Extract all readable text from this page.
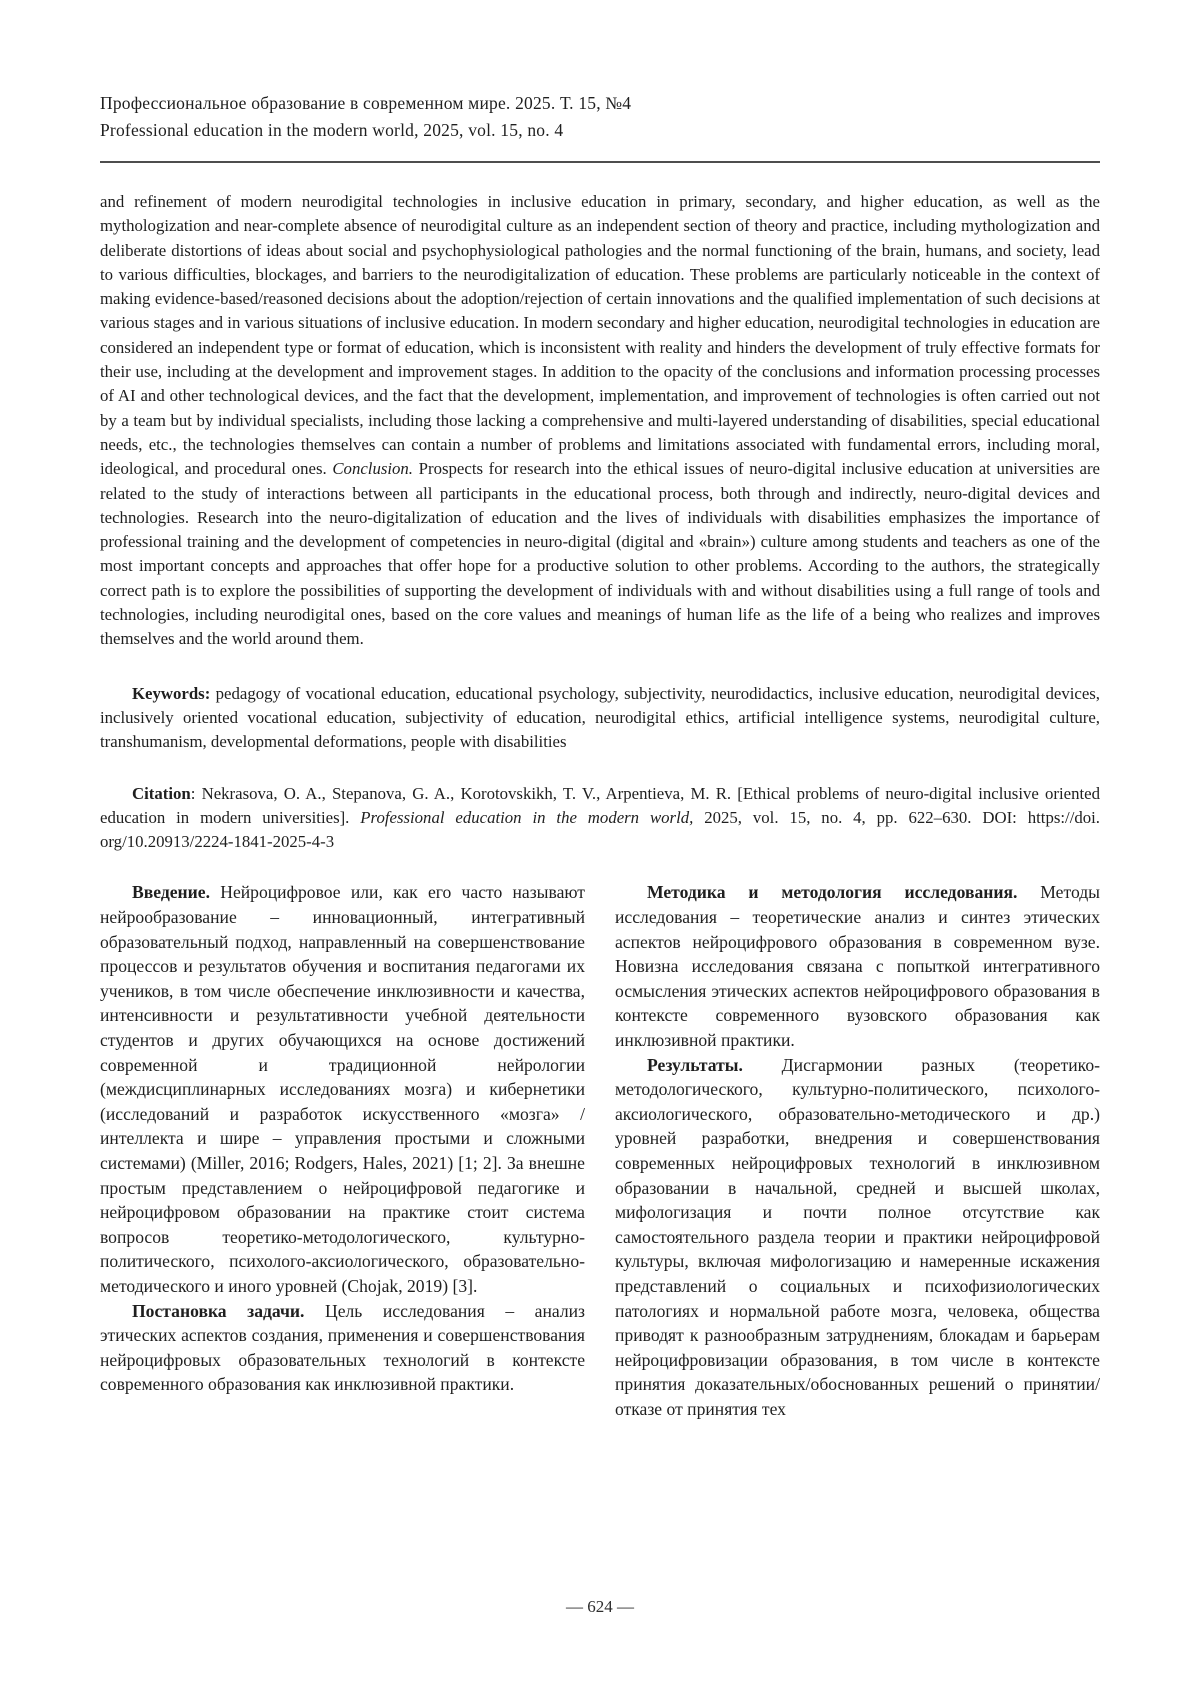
Профессиональное образование в современном мире. 2025. Т. 15, №4
Professional education in the modern world, 2025, vol. 15, no. 4

and refinement of modern neurodigital technologies in inclusive education in primary, secondary, and higher education, as well as the mythologization and near-complete absence of neurodigital culture as an independent section of theory and practice, including mythologization and deliberate distortions of ideas about social and psychophysiological pathologies and the normal functioning of the brain, humans, and society, lead to various difficulties, blockages, and barriers to the neurodigitalization of education. These problems are particularly noticeable in the context of making evidence-based/reasoned decisions about the adoption/rejection of certain innovations and the qualified implementation of such decisions at various stages and in various situations of inclusive education. In modern secondary and higher education, neurodigital technologies in education are considered an independent type or format of education, which is inconsistent with reality and hinders the development of truly effective formats for their use, including at the development and improvement stages. In addition to the opacity of the conclusions and information processing processes of AI and other technological devices, and the fact that the development, implementation, and improvement of technologies is often carried out not by a team but by individual specialists, including those lacking a comprehensive and multi-layered understanding of disabilities, special educational needs, etc., the technologies themselves can contain a number of problems and limitations associated with fundamental errors, including moral, ideological, and procedural ones. Conclusion. Prospects for research into the ethical issues of neuro-digital inclusive education at universities are related to the study of interactions between all participants in the educational process, both through and indirectly, neuro-digital devices and technologies. Research into the neuro-digitalization of education and the lives of individuals with disabilities emphasizes the importance of professional training and the development of competencies in neuro-digital (digital and «brain») culture among students and teachers as one of the most important concepts and approaches that offer hope for a productive solution to other problems. According to the authors, the strategically correct path is to explore the possibilities of supporting the development of individuals with and without disabilities using a full range of tools and technologies, including neurodigital ones, based on the core values and meanings of human life as the life of a being who realizes and improves themselves and the world around them.

Keywords: pedagogy of vocational education, educational psychology, subjectivity, neurodidactics, inclusive education, neurodigital devices, inclusively oriented vocational education, subjectivity of education, neurodigital ethics, artificial intelligence systems, neurodigital culture, transhumanism, developmental deformations, people with disabilities

Citation: Nekrasova, O. A., Stepanova, G. A., Korotovskikh, T. V., Arpentieva, M. R. [Ethical problems of neuro-digital inclusive oriented education in modern universities]. Professional education in the modern world, 2025, vol. 15, no. 4, pp. 622–630. DOI: https://doi. org/10.20913/2224-1841-2025-4-3

Введение. Нейроцифровое или, как его часто называют нейрообразование – инновационный, интегративный образовательный подход, направленный на совершенствование процессов и результатов обучения и воспитания педагогами их учеников, в том числе обеспечение инклюзивности и качества, интенсивности и результативности учебной деятельности студентов и других обучающихся на основе достижений современной и традиционной нейрологии (междисциплинарных исследованиях мозга) и кибернетики (исследований и разработок искусственного «мозга» / интеллекта и шире – управления простыми и сложными системами) (Miller, 2016; Rodgers, Hales, 2021) [1; 2]. За внешне простым представлением о нейроцифровой педагогике и нейроцифровом образовании на практике стоит система вопросов теоретико-методологического, культурно-политического, психолого-аксиологического, образовательно-методического и иного уровней (Chojak, 2019) [3].

Постановка задачи. Цель исследования – анализ этических аспектов создания, применения и совершенствования нейроцифровых образовательных технологий в контексте современного образования как инклюзивной практики.

Методика и методология исследования. Методы исследования – теоретические анализ и синтез этических аспектов нейроцифрового образования в современном вузе. Новизна исследования связана с попыткой интегративного осмысления этических аспектов нейроцифрового образования в контексте современного вузовского образования как инклюзивной практики.

Результаты. Дисгармонии разных (теоретико-методологического, культурно-политического, психолого-аксиологического, образовательно-методического и др.) уровней разработки, внедрения и совершенствования современных нейроцифровых технологий в инклюзивном образовании в начальной, средней и высшей школах, мифологизация и почти полное отсутствие как самостоятельного раздела теории и практики нейроцифровой культуры, включая мифологизацию и намеренные искажения представлений о социальных и психофизиологических патологиях и нормальной работе мозга, человека, общества приводят к разнообразным затруднениям, блокадам и барьерам нейроцифровизации образования, в том числе в контексте принятия доказательных/обоснованных решений о принятии/отказе от принятия тех

— 624 —
